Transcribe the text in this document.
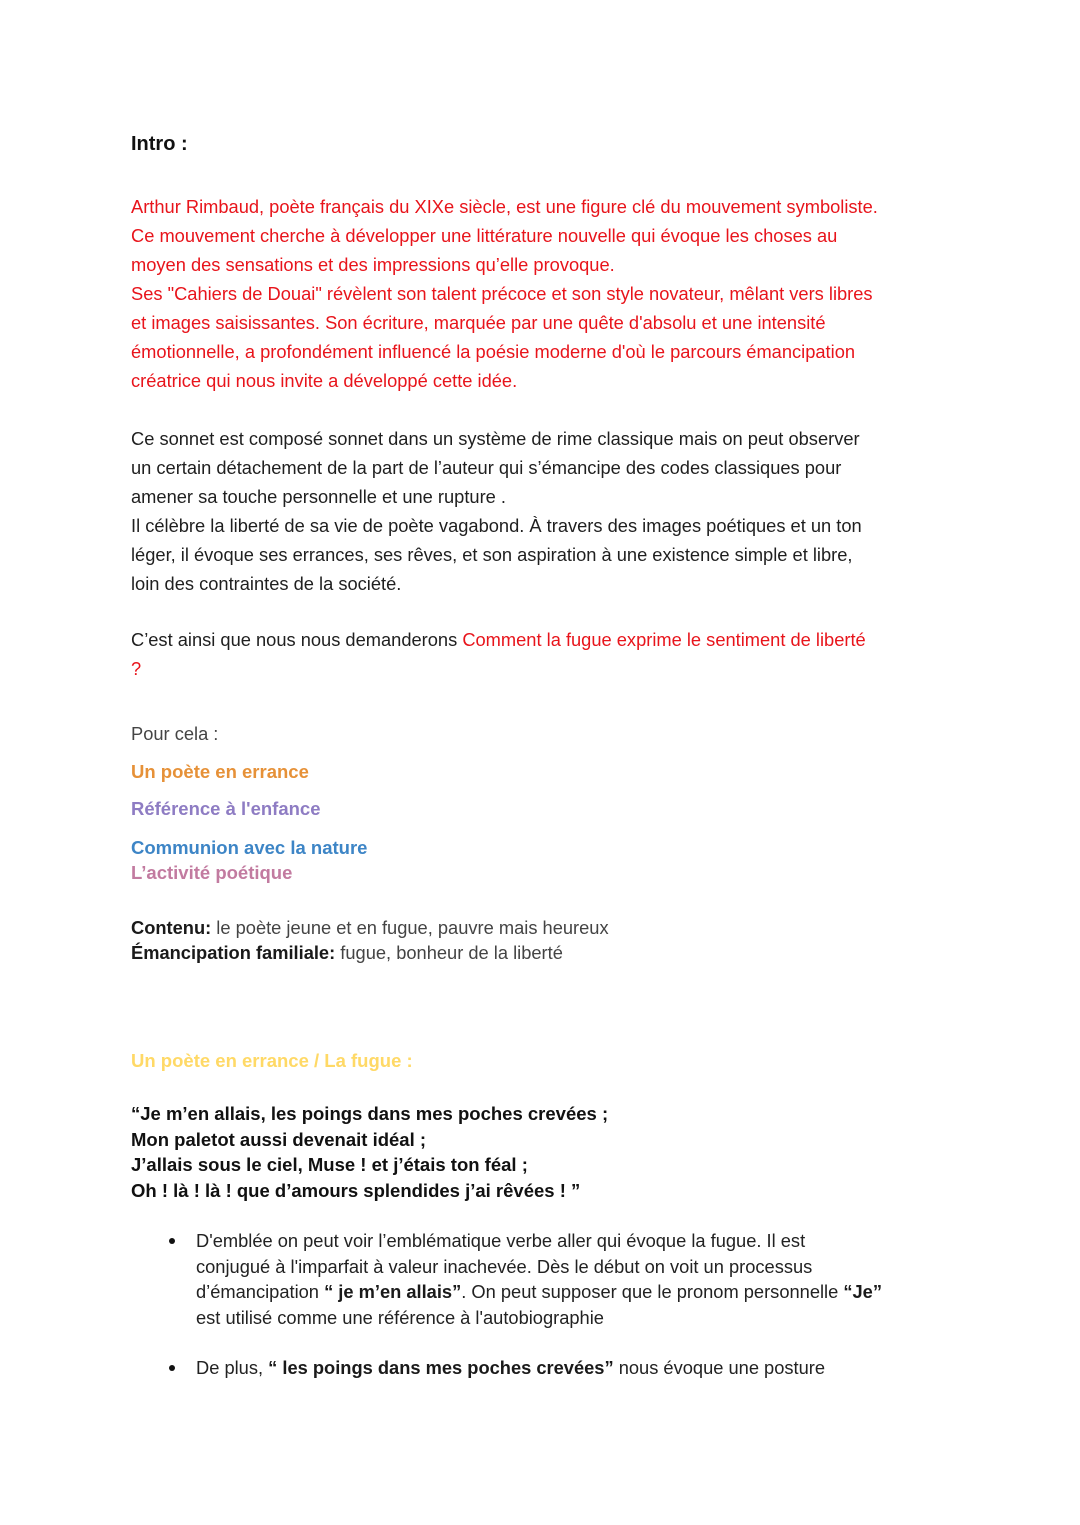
Intro :
Arthur Rimbaud, poète français du XIXe siècle, est une figure clé du mouvement symboliste.
Ce mouvement cherche à développer une littérature nouvelle qui évoque les choses au
moyen des sensations et des impressions qu’elle provoque.
Ses "Cahiers de Douai" révèlent son talent précoce et son style novateur, mêlant vers libres
et images saisissantes. Son écriture, marquée par une quête d'absolu et une intensité
émotionnelle, a profondément influencé la poésie moderne d'où le parcours émancipation
créatrice qui nous invite a développé cette idée.
Ce sonnet est composé sonnet dans un système de rime classique mais on peut observer
un certain détachement de la part de l’auteur qui s’émancipe des codes classiques pour
amener sa touche personnelle et une rupture .
Il célèbre la liberté de sa vie de poète vagabond. À travers des images poétiques et un ton
léger, il évoque ses errances, ses rêves, et son aspiration à une existence simple et libre,
loin des contraintes de la société.
C’est ainsi que nous nous demanderons Comment la fugue exprime le sentiment de liberté
?
Pour cela :
Un poète en errance
Référence à l'enfance
Communion avec la nature
L’activité poétique
Contenu: le poète jeune et en fugue, pauvre mais heureux
Émancipation familiale: fugue, bonheur de la liberté
Un poète en errance / La fugue :
“Je m’en allais, les poings dans mes poches crevées ;
Mon paletot aussi devenait idéal ;
J’allais sous le ciel, Muse ! et j’étais ton féal ;
Oh ! là ! là ! que d’amours splendides j’ai rêvées ! ”
D'emblée on peut voir l’emblématique verbe aller qui évoque la fugue. Il est
conjugué à l'imparfait à valeur inachevée. Dès le début on voit un processus
d’émancipation “ je m’en allais”. On peut supposer que le pronom personnelle “Je”
est utilisé comme une référence à l'autobiographie
De plus, “ les poings dans mes poches crevées” nous évoque une posture
